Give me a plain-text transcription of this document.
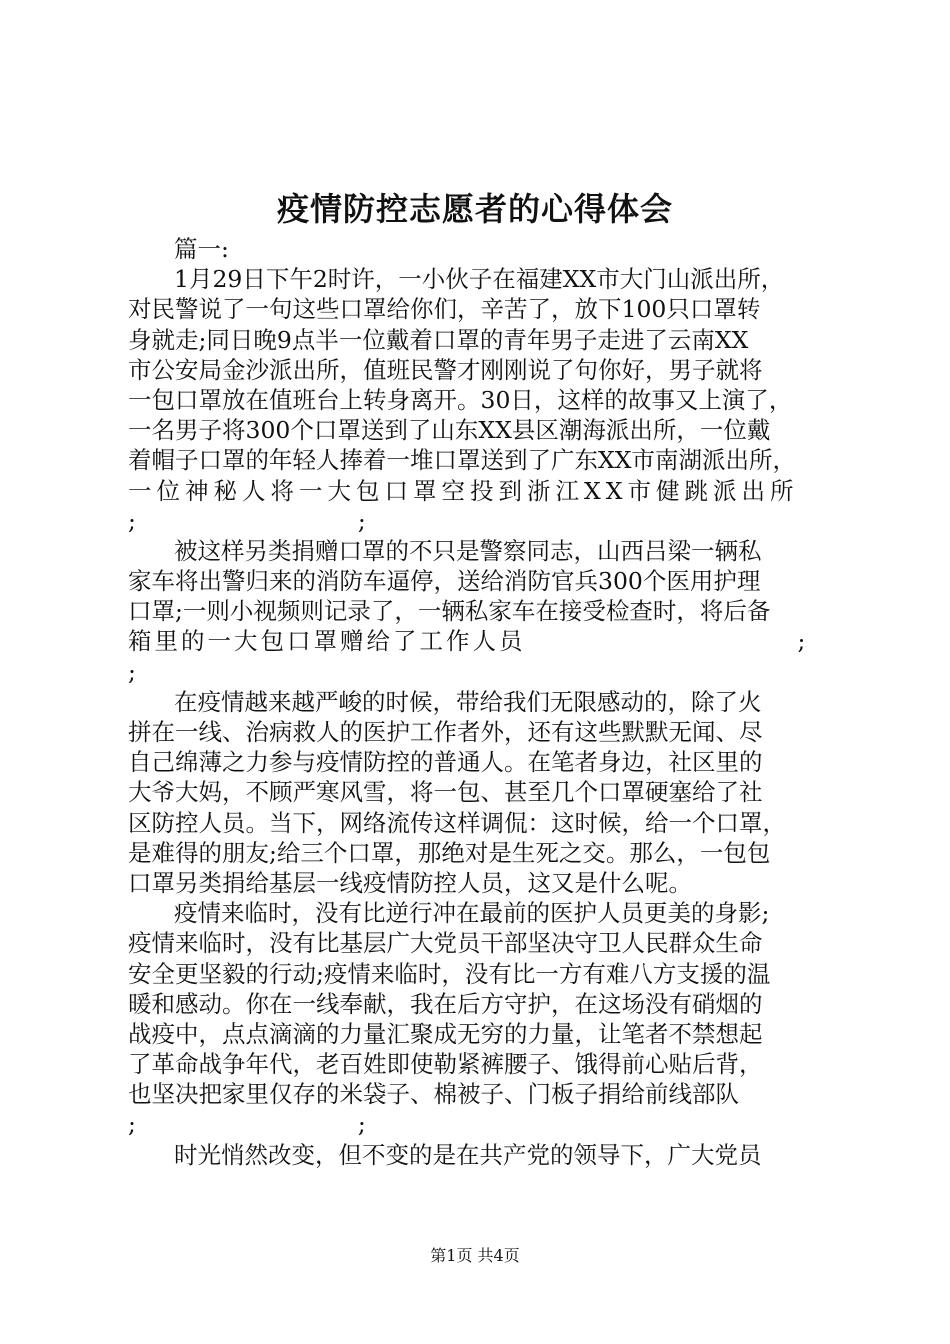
疫情防控志愿者的心得体会
篇一:
1月29日下午2时许，一小伙子在福建XX市大门山派出所，
对民警说了一句这些口罩给你们，辛苦了，放下100只口罩转
身就走;同日晚9点半一位戴着口罩的青年男子走进了云南XX
市公安局金沙派出所，值班民警才刚刚说了句你好，男子就将
一包口罩放在值班台上转身离开。30日，这样的故事又上演了，
一名男子将300个口罩送到了山东XX县区潮海派出所，一位戴
着帽子口罩的年轻人捧着一堆口罩送到了广东XX市南湖派出所，
一位神秘人将一大包口罩空投到浙江XX市健跳派出所
;	;
被这样另类捐赠口罩的不只是警察同志，山西吕梁一辆私
家车将出警归来的消防车逼停，送给消防官兵300个医用护理
口罩;一则小视频则记录了，一辆私家车在接受检查时，将后备
箱里的一大包口罩赠给了工作人员	;
;
在疫情越来越严峻的时候，带给我们无限感动的，除了火
拼在一线、治病救人的医护工作者外，还有这些默默无闻、尽
自己绵薄之力参与疫情防控的普通人。在笔者身边，社区里的
大爷大妈，不顾严寒风雪，将一包、甚至几个口罩硬塞给了社
区防控人员。当下，网络流传这样调侃：这时候，给一个口罩，
是难得的朋友;给三个口罩，那绝对是生死之交。那么，一包包
口罩另类捐给基层一线疫情防控人员，这又是什么呢。
疫情来临时，没有比逆行冲在最前的医护人员更美的身影;
疫情来临时，没有比基层广大党员干部坚决守卫人民群众生命
安全更坚毅的行动;疫情来临时，没有比一方有难八方支援的温
暖和感动。你在一线奉献，我在后方守护，在这场没有硝烟的
战疫中，点点滴滴的力量汇聚成无穷的力量，让笔者不禁想起
了革命战争年代，老百姓即使勒紧裤腰子、饿得前心贴后背，
也坚决把家里仅存的米袋子、棉被子、门板子捐给前线部队
;	;
时光悄然改变，但不变的是在共产党的领导下，广大党员
第1页 共4页
